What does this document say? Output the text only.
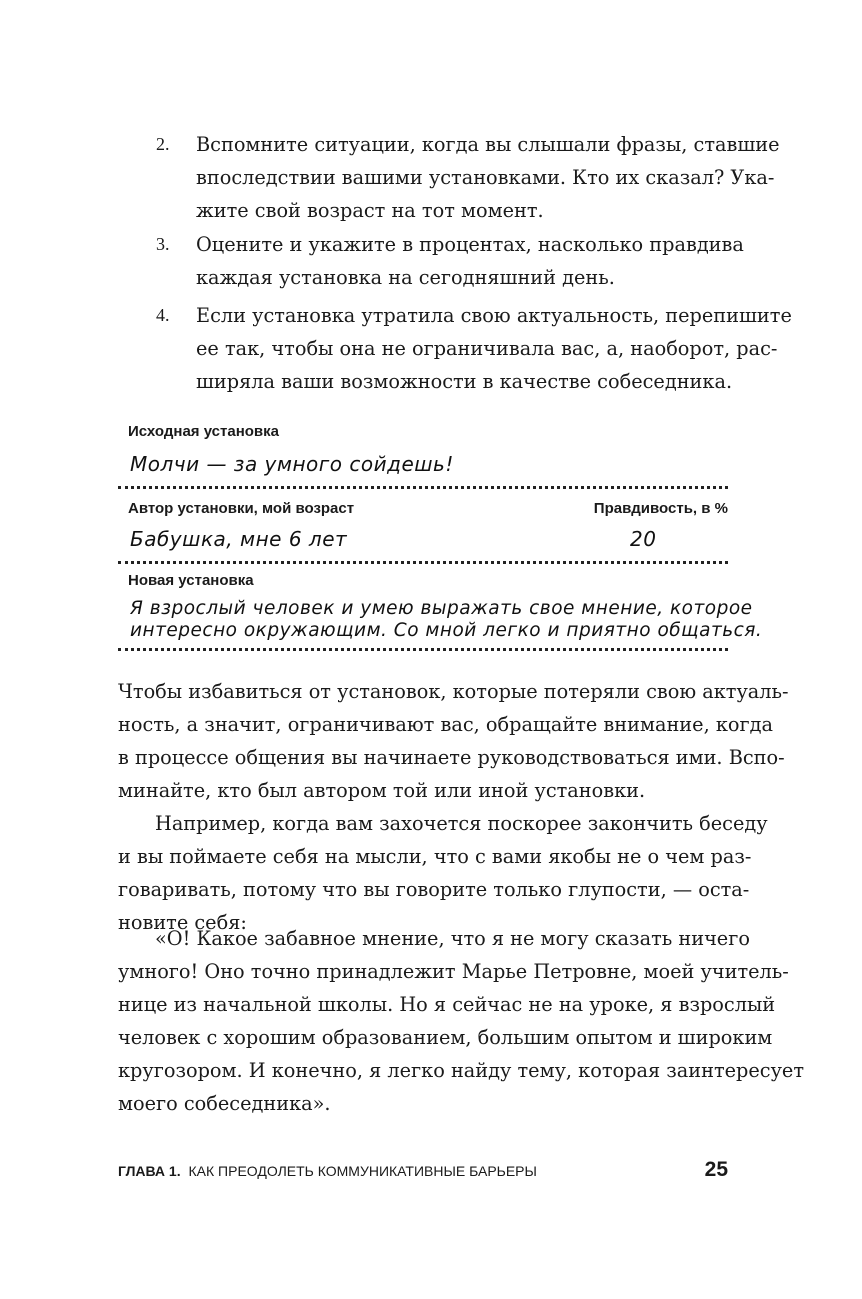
2. Вспомните ситуации, когда вы слышали фразы, ставшие
впоследствии вашими установками. Кто их сказал? Ука-
жите свой возраст на тот момент.
3. Оцените и укажите в процентах, насколько правдива
каждая установка на сегодняшний день.
4. Если установка утратила свою актуальность, перепишите
ее так, чтобы она не ограничивала вас, а, наоборот, рас-
ширяла ваши возможности в качестве собеседника.
Исходная установка
Молчи — за умного сойдешь!
Автор установки, мой возраст	Правдивость, в %
Бабушка, мне 6 лет	20
Новая установка
Я взрослый человек и умею выражать свое мнение, которое
интересно окружающим. Со мной легко и приятно общаться.
Чтобы избавиться от установок, которые потеряли свою актуаль-
ность, а значит, ограничивают вас, обращайте внимание, когда
в процессе общения вы начинаете руководствоваться ими. Вспо-
минайте, кто был автором той или иной установки.
Например, когда вам захочется поскорее закончить беседу
и вы поймаете себя на мысли, что с вами якобы не о чем раз-
говаривать, потому что вы говорите только глупости, — оста-
новите себя:
«О! Какое забавное мнение, что я не могу сказать ничего
умного! Оно точно принадлежит Марье Петровне, моей учитель-
нице из начальной школы. Но я сейчас не на уроке, я взрослый
человек с хорошим образованием, большим опытом и широким
кругозором. И конечно, я легко найду тему, которая заинтересует
моего собеседника».
ГЛАВА 1. КАК ПРЕОДОЛЕТЬ КОММУНИКАТИВНЫЕ БАРЬЕРЫ	25
